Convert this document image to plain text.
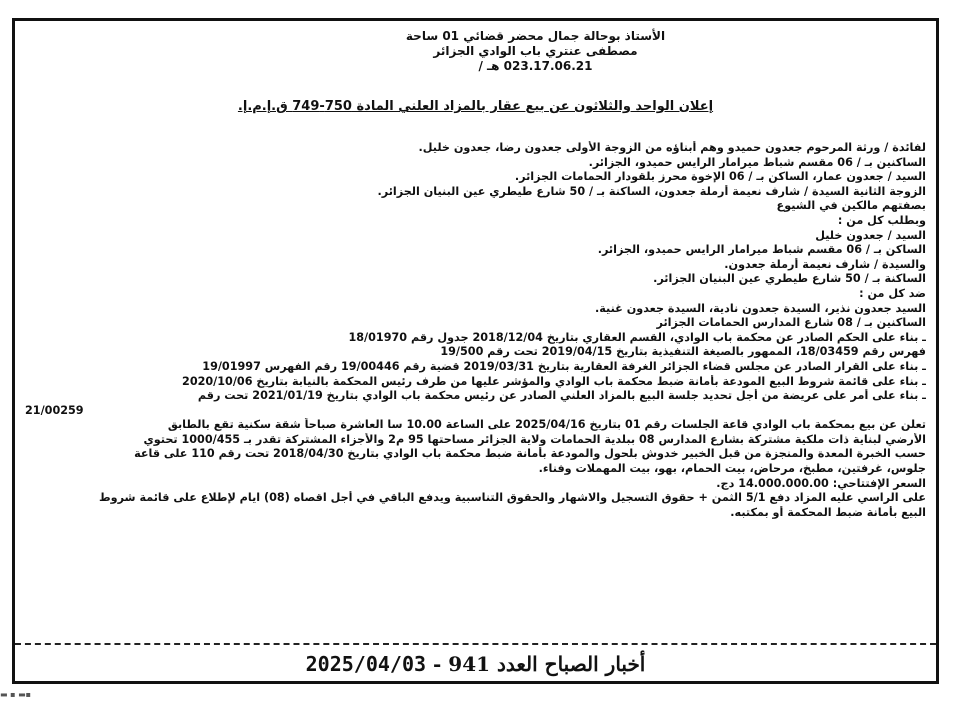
الأستاذ بوحالة جمال محضر قضائي 01 ساحة
مصطفى عنتري باب الوادي الجزائر
023.17.06.21 هـ /
إعلان الواحد والثلاثون عن بيع عقار بالمزاد العلني المادة 750-749 ق.إ.م.إ.
لفائدة / ورثة المرحوم جعدون حميدو وهم أبناؤه من الزوجة الأولى جعدون رضا، جعدون خليل.
الساكنين بـ / 06 مقسم شباط ميرامار الرايس حميدو، الجزائر.
السيد / جعدون عمار، الساكن بـ / 06 الإخوة محرز بلقودار الحمامات الجزائر.
الزوجة الثانية السيدة / شارف نعيمة أرملة جعدون، الساكنة بـ / 50 شارع طيطري عين البنيان الجزائر.
بصفتهم مالكين في الشيوع
وبطلب كل من :
السيد / جعدون خليل
الساكن بـ / 06 مقسم شباط ميرامار الرايس حميدو، الجزائر.
والسيدة / شارف نعيمة أرملة جعدون.
الساكنة بـ / 50 شارع طيطري عين البنيان الجزائر.
ضد كل من :
السيد جعدون نذير، السيدة جعدون نادية، السيدة جعدون غنية.
الساكنين بـ / 08 شارع المدارس الحمامات الجزائر
ـ بناء على الحكم الصادر عن محكمة باب الوادي، القسم العقاري بتاريخ 2018/12/04 جدول رقم 18/01970
فهرس رقم 18/03459، الممهور بالصيغة التنفيذية بتاريخ 2019/04/15 تحت رقم 19/500
ـ بناء على القرار الصادر عن مجلس قضاء الجزائر الغرفة العقارية بتاريخ 2019/03/31 قضية رقم 19/00446 رقم الفهرس 19/01997
ـ بناء على قائمة شروط البيع المودعة بأمانة ضبط محكمة باب الوادي والمؤشر عليها من طرف رئيس المحكمة بالنيابة بتاريخ 2020/10/06
ـ بناء على أمر على عريضة من أجل تحديد جلسة البيع بالمزاد العلني الصادر عن رئيس محكمة باب الوادي بتاريخ 2021/01/19 تحت رقم
21/00259
تعلن عن بيع بمحكمة باب الوادي قاعة الجلسات رقم 01 بتاريخ 2025/04/16 على الساعة 10.00 سا العاشرة صباحاً شقة سكنية تقع بالطابق
الأرضي لبناية ذات ملكية مشتركة بشارع المدارس 08 ببلدية الحمامات ولاية الجزائر مساحتها 95 م2 والأجزاء المشتركة تقدر بـ 1000/455 تحتوي
حسب الخبرة المعدة والمنجزة من قبل الخبير خدوش بلحول والمودعة بأمانة ضبط محكمة باب الوادي بتاريخ 2018/04/30 تحت رقم 110 على قاعة
جلوس، غرفتين، مطبخ، مرحاض، بيت الحمام، بهو، بيت المهملات وفناء.
السعر الإفتتاحي: 14.000.000.00 دج.
على الراسي عليه المزاد دفع 5/1 الثمن + حقوق التسجيل والاشهار والحقوق التناسبية ويدفع الباقي في أجل اقصاه (08) ايام لإطلاع على قائمة شروط
البيع بأمانة ضبط المحكمة أو بمكتبه.
أخبار الصباح العدد 941 - 2025/04/03
▬ ▪ ▬▪
